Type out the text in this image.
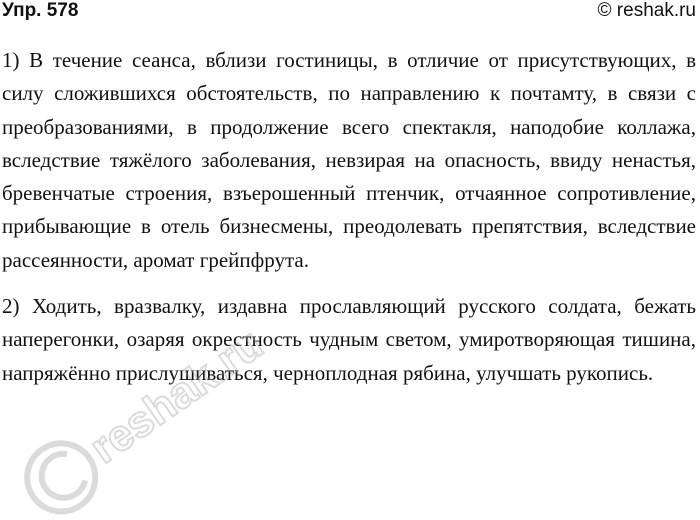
Упр. 578	© reshak.ru

1) В течение сеанса, вблизи гостиницы, в отличие от присутствующих, в силу сложившихся обстоятельств, по направлению к почтамту, в связи с преобразованиями, в продолжение всего спектакля, наподобие коллажа, вследствие тяжёлого заболевания, невзирая на опасность, ввиду ненастья, бревенчатые строения, взъерошенный птенчик, отчаянное сопротивление, прибывающие в отель бизнесмены, преодолевать препятствия, вследствие рассеянности, аромат грейпфрута.

2) Ходить, вразвалку, издавна прославляющий русского солдата, бежать наперегонки, озаряя окрестность чудным светом, умиротворяющая тишина, напряжённо прислушиваться, черноплодная рябина, улучшать рукопись.

reshak.ru
